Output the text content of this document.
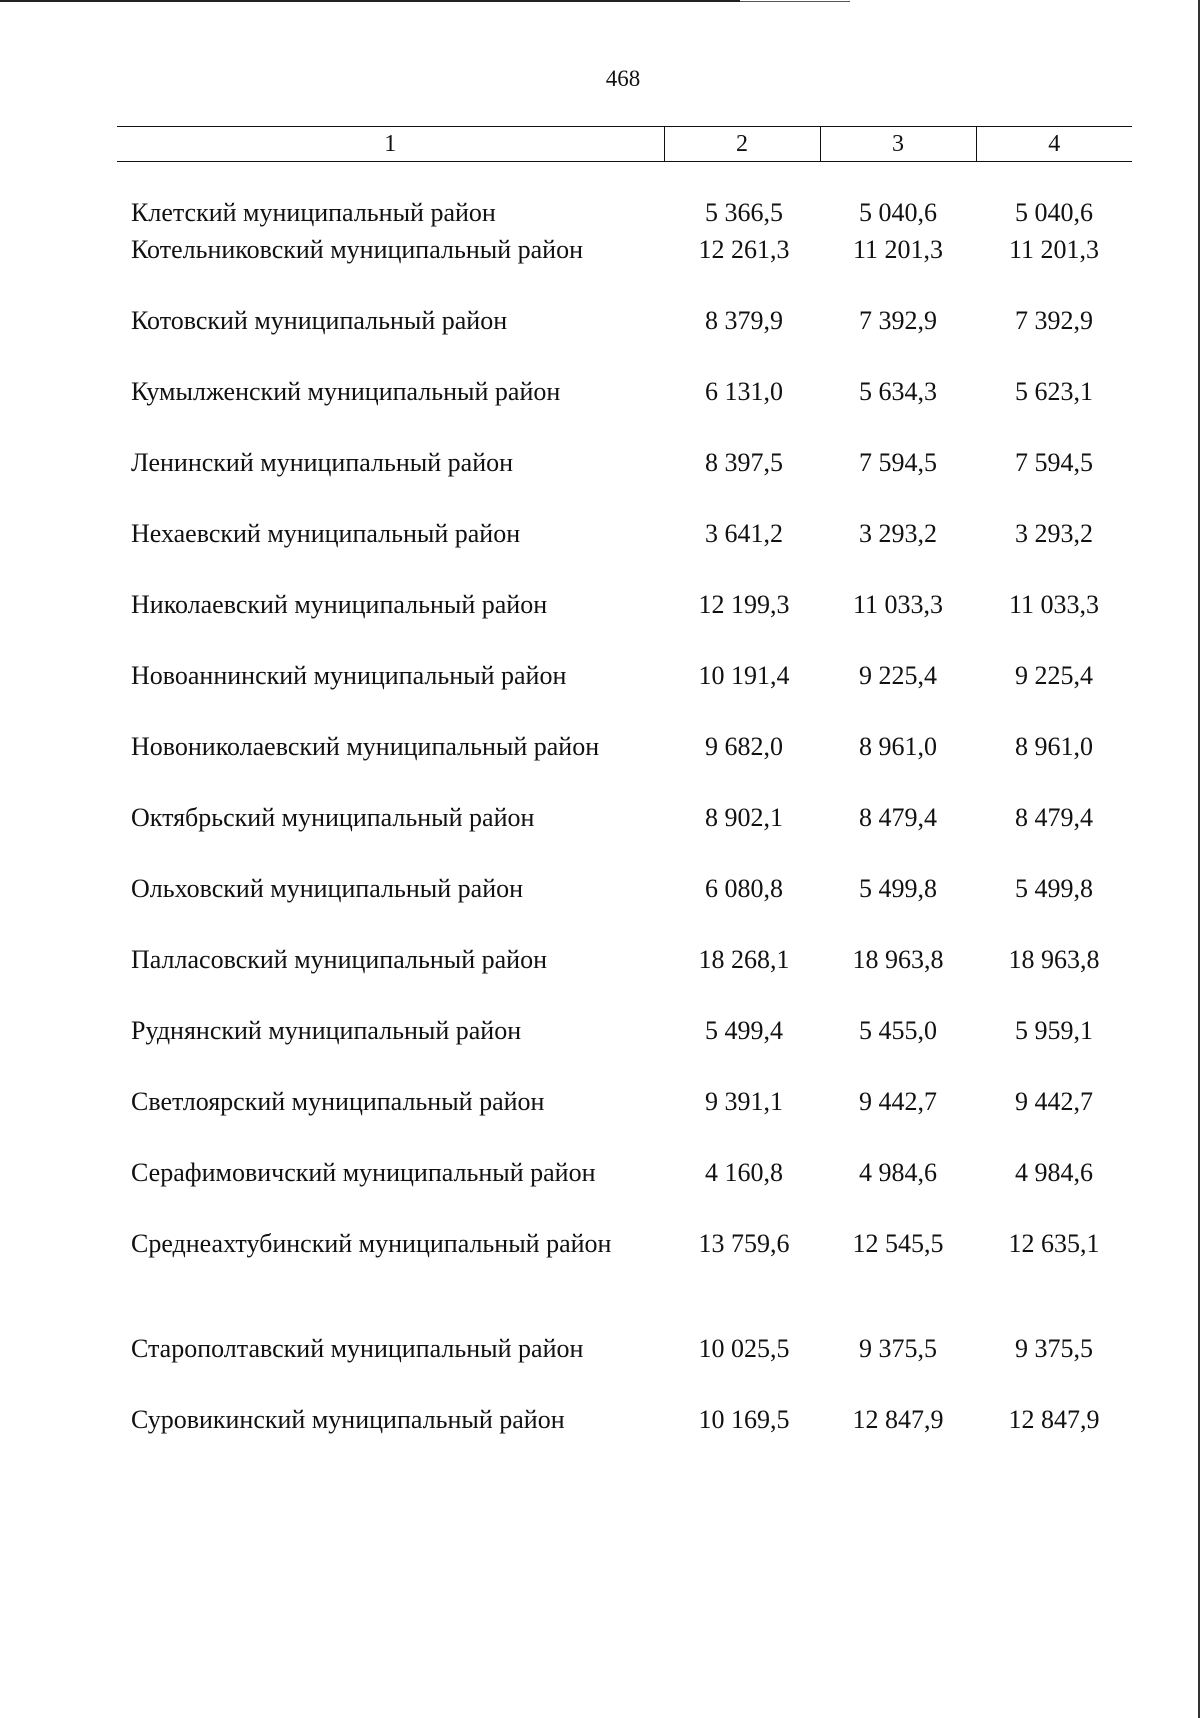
468
1	2	3	4
Клетский муниципальный район	5 366,5	5 040,6	5 040,6
Котельниковский муниципальный район	12 261,3	11 201,3	11 201,3
Котовский муниципальный район	8 379,9	7 392,9	7 392,9
Кумылженский муниципальный район	6 131,0	5 634,3	5 623,1
Ленинский муниципальный район	8 397,5	7 594,5	7 594,5
Нехаевский муниципальный район	3 641,2	3 293,2	3 293,2
Николаевский муниципальный район	12 199,3	11 033,3	11 033,3
Новоаннинский муниципальный район	10 191,4	9 225,4	9 225,4
Новониколаевский муниципальный район	9 682,0	8 961,0	8 961,0
Октябрьский муниципальный район	8 902,1	8 479,4	8 479,4
Ольховский муниципальный район	6 080,8	5 499,8	5 499,8
Палласовский муниципальный район	18 268,1	18 963,8	18 963,8
Руднянский муниципальный район	5 499,4	5 455,0	5 959,1
Светлоярский муниципальный район	9 391,1	9 442,7	9 442,7
Серафимовичский муниципальный район	4 160,8	4 984,6	4 984,6
Среднеахтубинский муниципальный район	13 759,6	12 545,5	12 635,1
Старополтавский муниципальный район	10 025,5	9 375,5	9 375,5
Суровикинский муниципальный район	10 169,5	12 847,9	12 847,9
